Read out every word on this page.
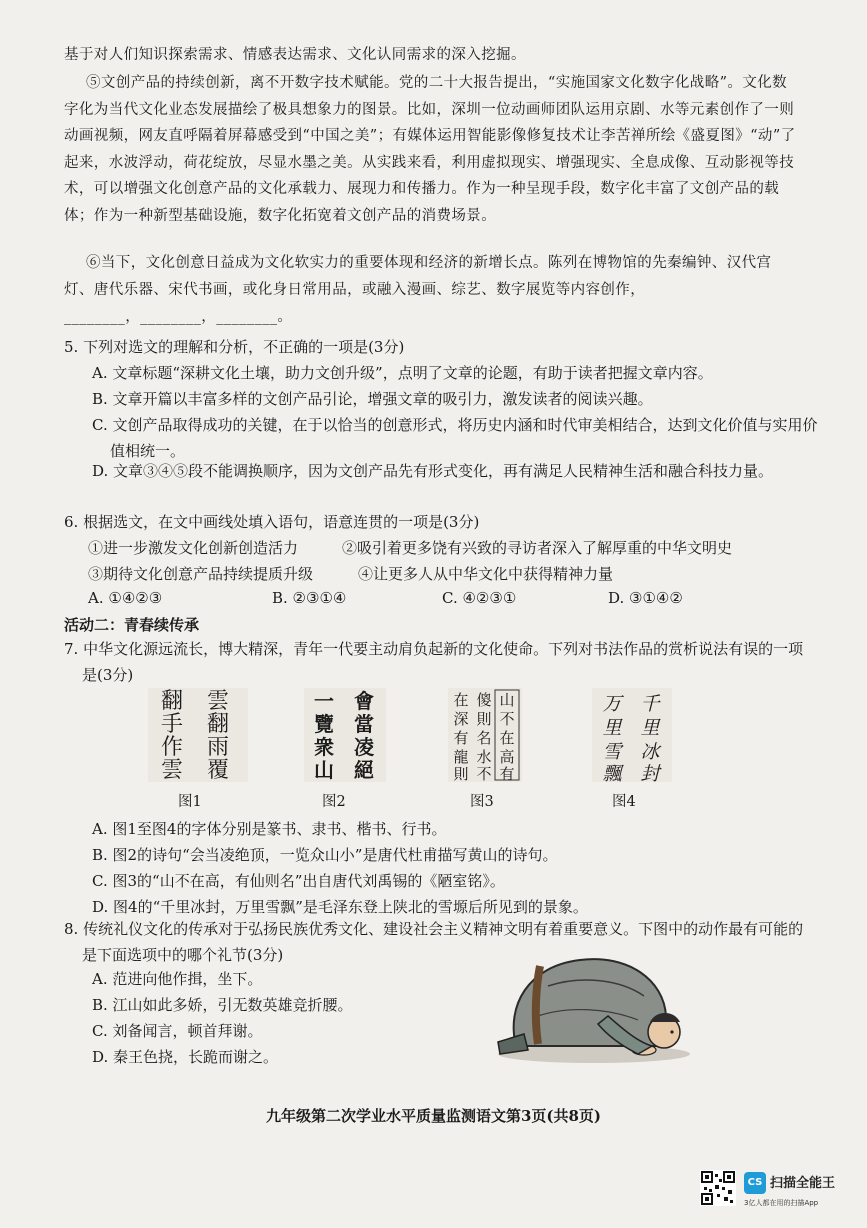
基于对人们知识探索需求、情感表达需求、文化认同需求的深入挖掘。
⑤文创产品的持续创新，离不开数字技术赋能。党的二十大报告提出，“实施国家文化数字化战略”。文化数字化为当代文化业态发展描绘了极具想象力的图景。比如，深圳一位动画师团队运用京剧、水等元素创作了一则动画视频，网友直呼隔着屏幕感受到“中国之美”；有媒体运用智能影像修复技术让李苦禅所绘《盛夏图》“动”了起来，水波浮动，荷花绽放，尽显水墨之美。从实践来看，利用虚拟现实、增强现实、全息成像、互动影视等技术，可以增强文化创意产品的文化承载力、展现力和传播力。作为一种呈现手段，数字化丰富了文创产品的载体；作为一种新型基础设施，数字化拓宽着文创产品的消费场景。
⑥当下，文化创意日益成为文化软实力的重要体现和经济的新增长点。陈列在博物馆的先秦编钟、汉代宫灯、唐代乐器、宋代书画，或化身日常用品，或融入漫画、综艺、数字展览等内容创作，
________，________，________。
5. 下列对选文的理解和分析，不正确的一项是(3分)
A. 文章标题“深耕文化土壤，助力文创升级”，点明了文章的论题，有助于读者把握文章内容。
B. 文章开篇以丰富多样的文创产品引论，增强文章的吸引力，激发读者的阅读兴趣。
C. 文创产品取得成功的关键，在于以恰当的创意形式，将历史内涵和时代审美相结合，达到文化价值与实用价值相统一。
D. 文章③④⑤段不能调换顺序，因为文创产品先有形式变化，再有满足人民精神生活和融合科技力量。
6. 根据选文，在文中画线处填入语句，语意连贯的一项是(3分)
①进一步激发文化创新创造活力	②吸引着更多饶有兴致的寻访者深入了解厚重的中华文明史
③期待文化创意产品持续提质升级	④让更多人从中华文化中获得精神力量
A. ①④②③	B. ②③①④	C. ④②③①	D. ③①④②
活动二：青春续传承
7. 中华文化源远流长，博大精深，青年一代要主动肩负起新的文化使命。下列对书法作品的赏析说法有误的一项是(3分)
雲
翻
雨
覆
翻
手
作
雲
图1
會
當
凌
絕
一
覽
衆
山
图2
山
不
在
高
傻
則
名
水
不
在
深
有
龍
則 有
图3
千
里
冰
封
万
里
雪
飄
图4
A. 图1至图4的字体分别是篆书、隶书、楷书、行书。
B. 图2的诗句“会当凌绝顶，一览众山小”是唐代杜甫描写黄山的诗句。
C. 图3的“山不在高，有仙则名”出自唐代刘禹锡的《陋室铭》。
D. 图4的“千里冰封，万里雪飘”是毛泽东登上陕北的雪塬后所见到的景象。
8. 传统礼仪文化的传承对于弘扬民族优秀文化、建设社会主义精神文明有着重要意义。下图中的动作最有可能的是下面选项中的哪个礼节(3分)
A. 范进向他作揖，坐下。
B. 江山如此多娇，引无数英雄竞折腰。
C. 刘备闻言，顿首拜谢。
D. 秦王色挠，长跪而谢之。
九年级第二次学业水平质量监测语文第3页(共8页)
CS 扫描全能王
3亿人都在用的扫描App
